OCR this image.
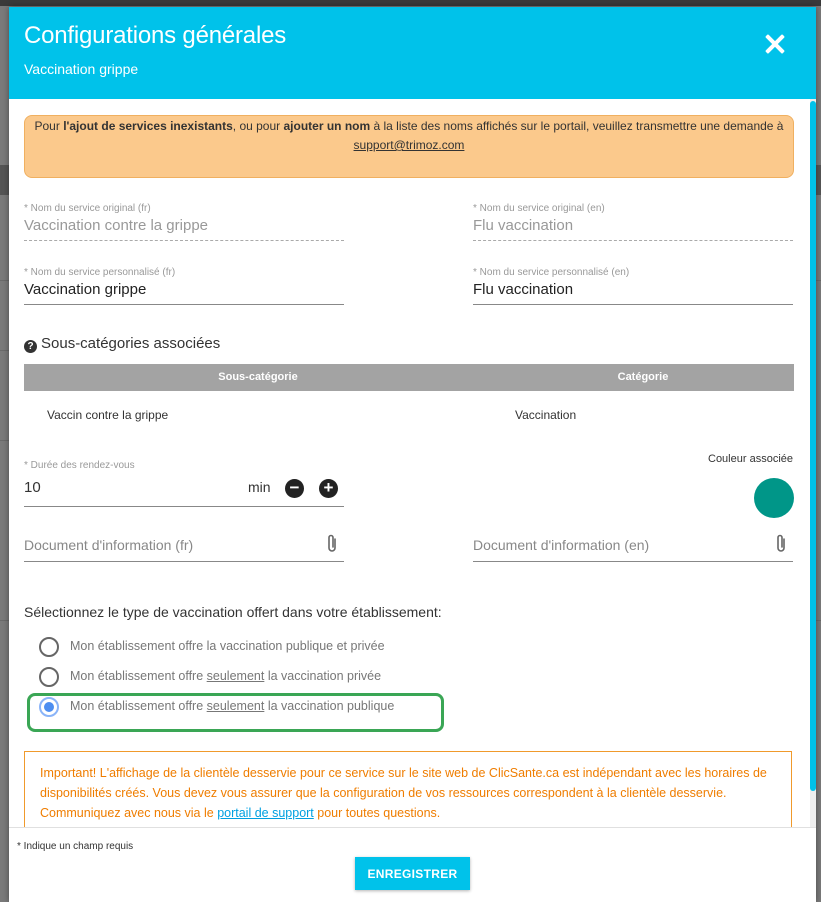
Configurations générales
Vaccination grippe
Pour l'ajout de services inexistants, ou pour ajouter un nom à la liste des noms affichés sur le portail, veuillez transmettre une demande à
support@trimoz.com
* Nom du service original (fr)
Vaccination contre la grippe
* Nom du service original (en)
Flu vaccination
* Nom du service personnalisé (fr)
Vaccination grippe
* Nom du service personnalisé (en)
Flu vaccination
? Sous-catégories associées
Sous-catégorie	Catégorie
Vaccin contre la grippe	Vaccination
* Durée des rendez-vous
10	min − +
Couleur associée
Document d'information (fr)	Document d'information (en)
Sélectionnez le type de vaccination offert dans votre établissement:
Mon établissement offre la vaccination publique et privée
Mon établissement offre seulement la vaccination privée
Mon établissement offre seulement la vaccination publique
Important! L'affichage de la clientèle desservie pour ce service sur le site web de ClicSante.ca est indépendant avec les horaires de disponibilités créés. Vous devez vous assurer que la configuration de vos ressources correspondent à la clientèle desservie. Communiquez avec nous via le portail de support pour toutes questions.
* Indique un champ requis
ENREGISTRER
